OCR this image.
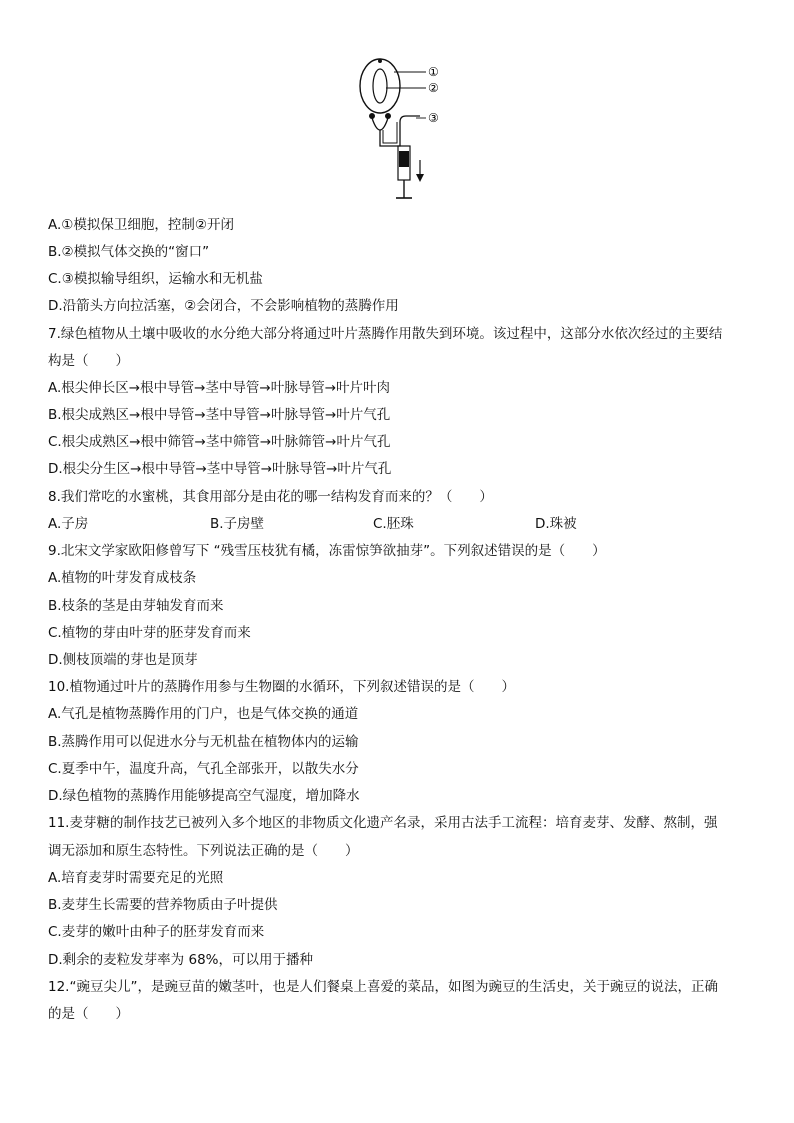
①
②
③
A.①模拟保卫细胞，控制②开闭
B.②模拟气体交换的“窗口”
C.③模拟输导组织，运输水和无机盐
D.沿箭头方向拉活塞，②会闭合，不会影响植物的蒸腾作用
7.绿色植物从土壤中吸收的水分绝大部分将通过叶片蒸腾作用散失到环境。该过程中，这部分水依次经过的主要结
构是（　　）
A.根尖伸长区→根中导管→茎中导管→叶脉导管→叶片叶肉
B.根尖成熟区→根中导管→茎中导管→叶脉导管→叶片气孔
C.根尖成熟区→根中筛管→茎中筛管→叶脉筛管→叶片气孔
D.根尖分生区→根中导管→茎中导管→叶脉导管→叶片气孔
8.我们常吃的水蜜桃，其食用部分是由花的哪一结构发育而来的？（　　）
A.子房	B.子房壁	C.胚珠	D.珠被
9.北宋文学家欧阳修曾写下 “残雪压枝犹有橘，冻雷惊笋欲抽芽”。下列叙述错误的是（　　）
A.植物的叶芽发育成枝条
B.枝条的茎是由芽轴发育而来
C.植物的芽由叶芽的胚芽发育而来
D.侧枝顶端的芽也是顶芽
10.植物通过叶片的蒸腾作用参与生物圈的水循环，下列叙述错误的是（　　）
A.气孔是植物蒸腾作用的门户，也是气体交换的通道
B.蒸腾作用可以促进水分与无机盐在植物体内的运输
C.夏季中午，温度升高，气孔全部张开，以散失水分
D.绿色植物的蒸腾作用能够提高空气湿度，增加降水
11.麦芽糖的制作技艺已被列入多个地区的非物质文化遗产名录，采用古法手工流程：培育麦芽、发酵、熬制，强
调无添加和原生态特性。下列说法正确的是（　　）
A.培育麦芽时需要充足的光照
B.麦芽生长需要的营养物质由子叶提供
C.麦芽的嫩叶由种子的胚芽发育而来
D.剩余的麦粒发芽率为 68%，可以用于播种
12.“豌豆尖儿”，是豌豆苗的嫩茎叶，也是人们餐桌上喜爱的菜品，如图为豌豆的生活史，关于豌豆的说法，正确
的是（　　）
